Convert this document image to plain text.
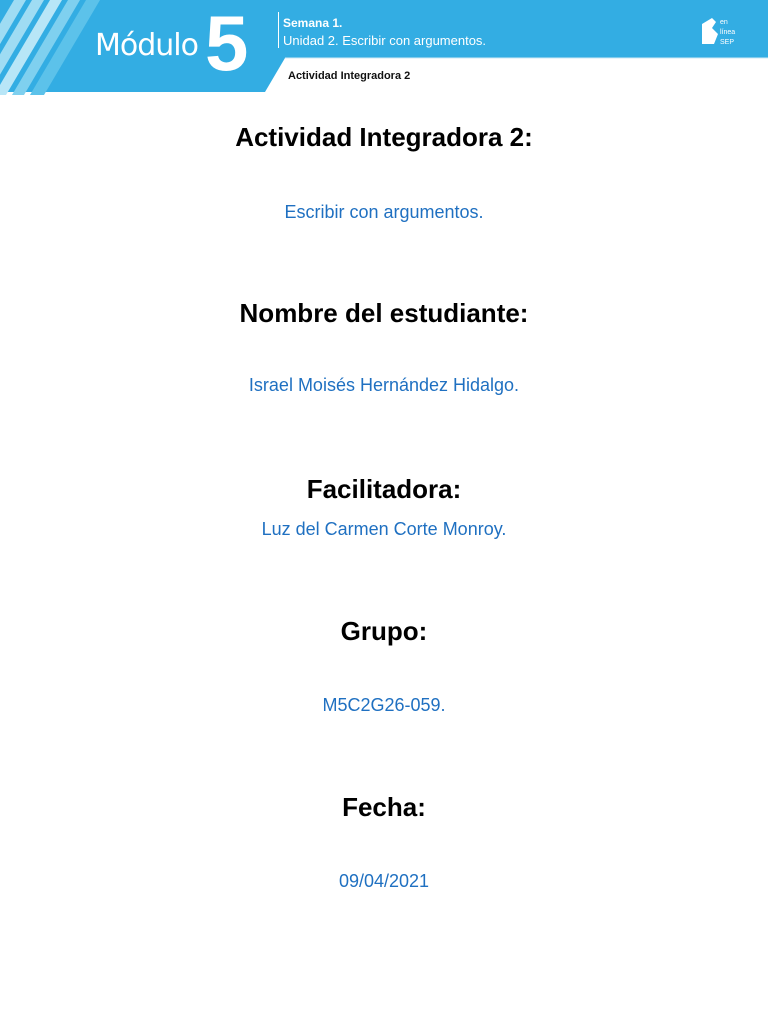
Módulo 5	Semana 1.
Unidad 2. Escribir con argumentos.
Actividad Integradora 2
en
línea
SEP
Actividad Integradora 2:
Escribir con argumentos.
Nombre del estudiante:
Israel Moisés Hernández Hidalgo.
Facilitadora:
Luz del Carmen Corte Monroy.
Grupo:
M5C2G26-059.
Fecha:
09/04/2021
